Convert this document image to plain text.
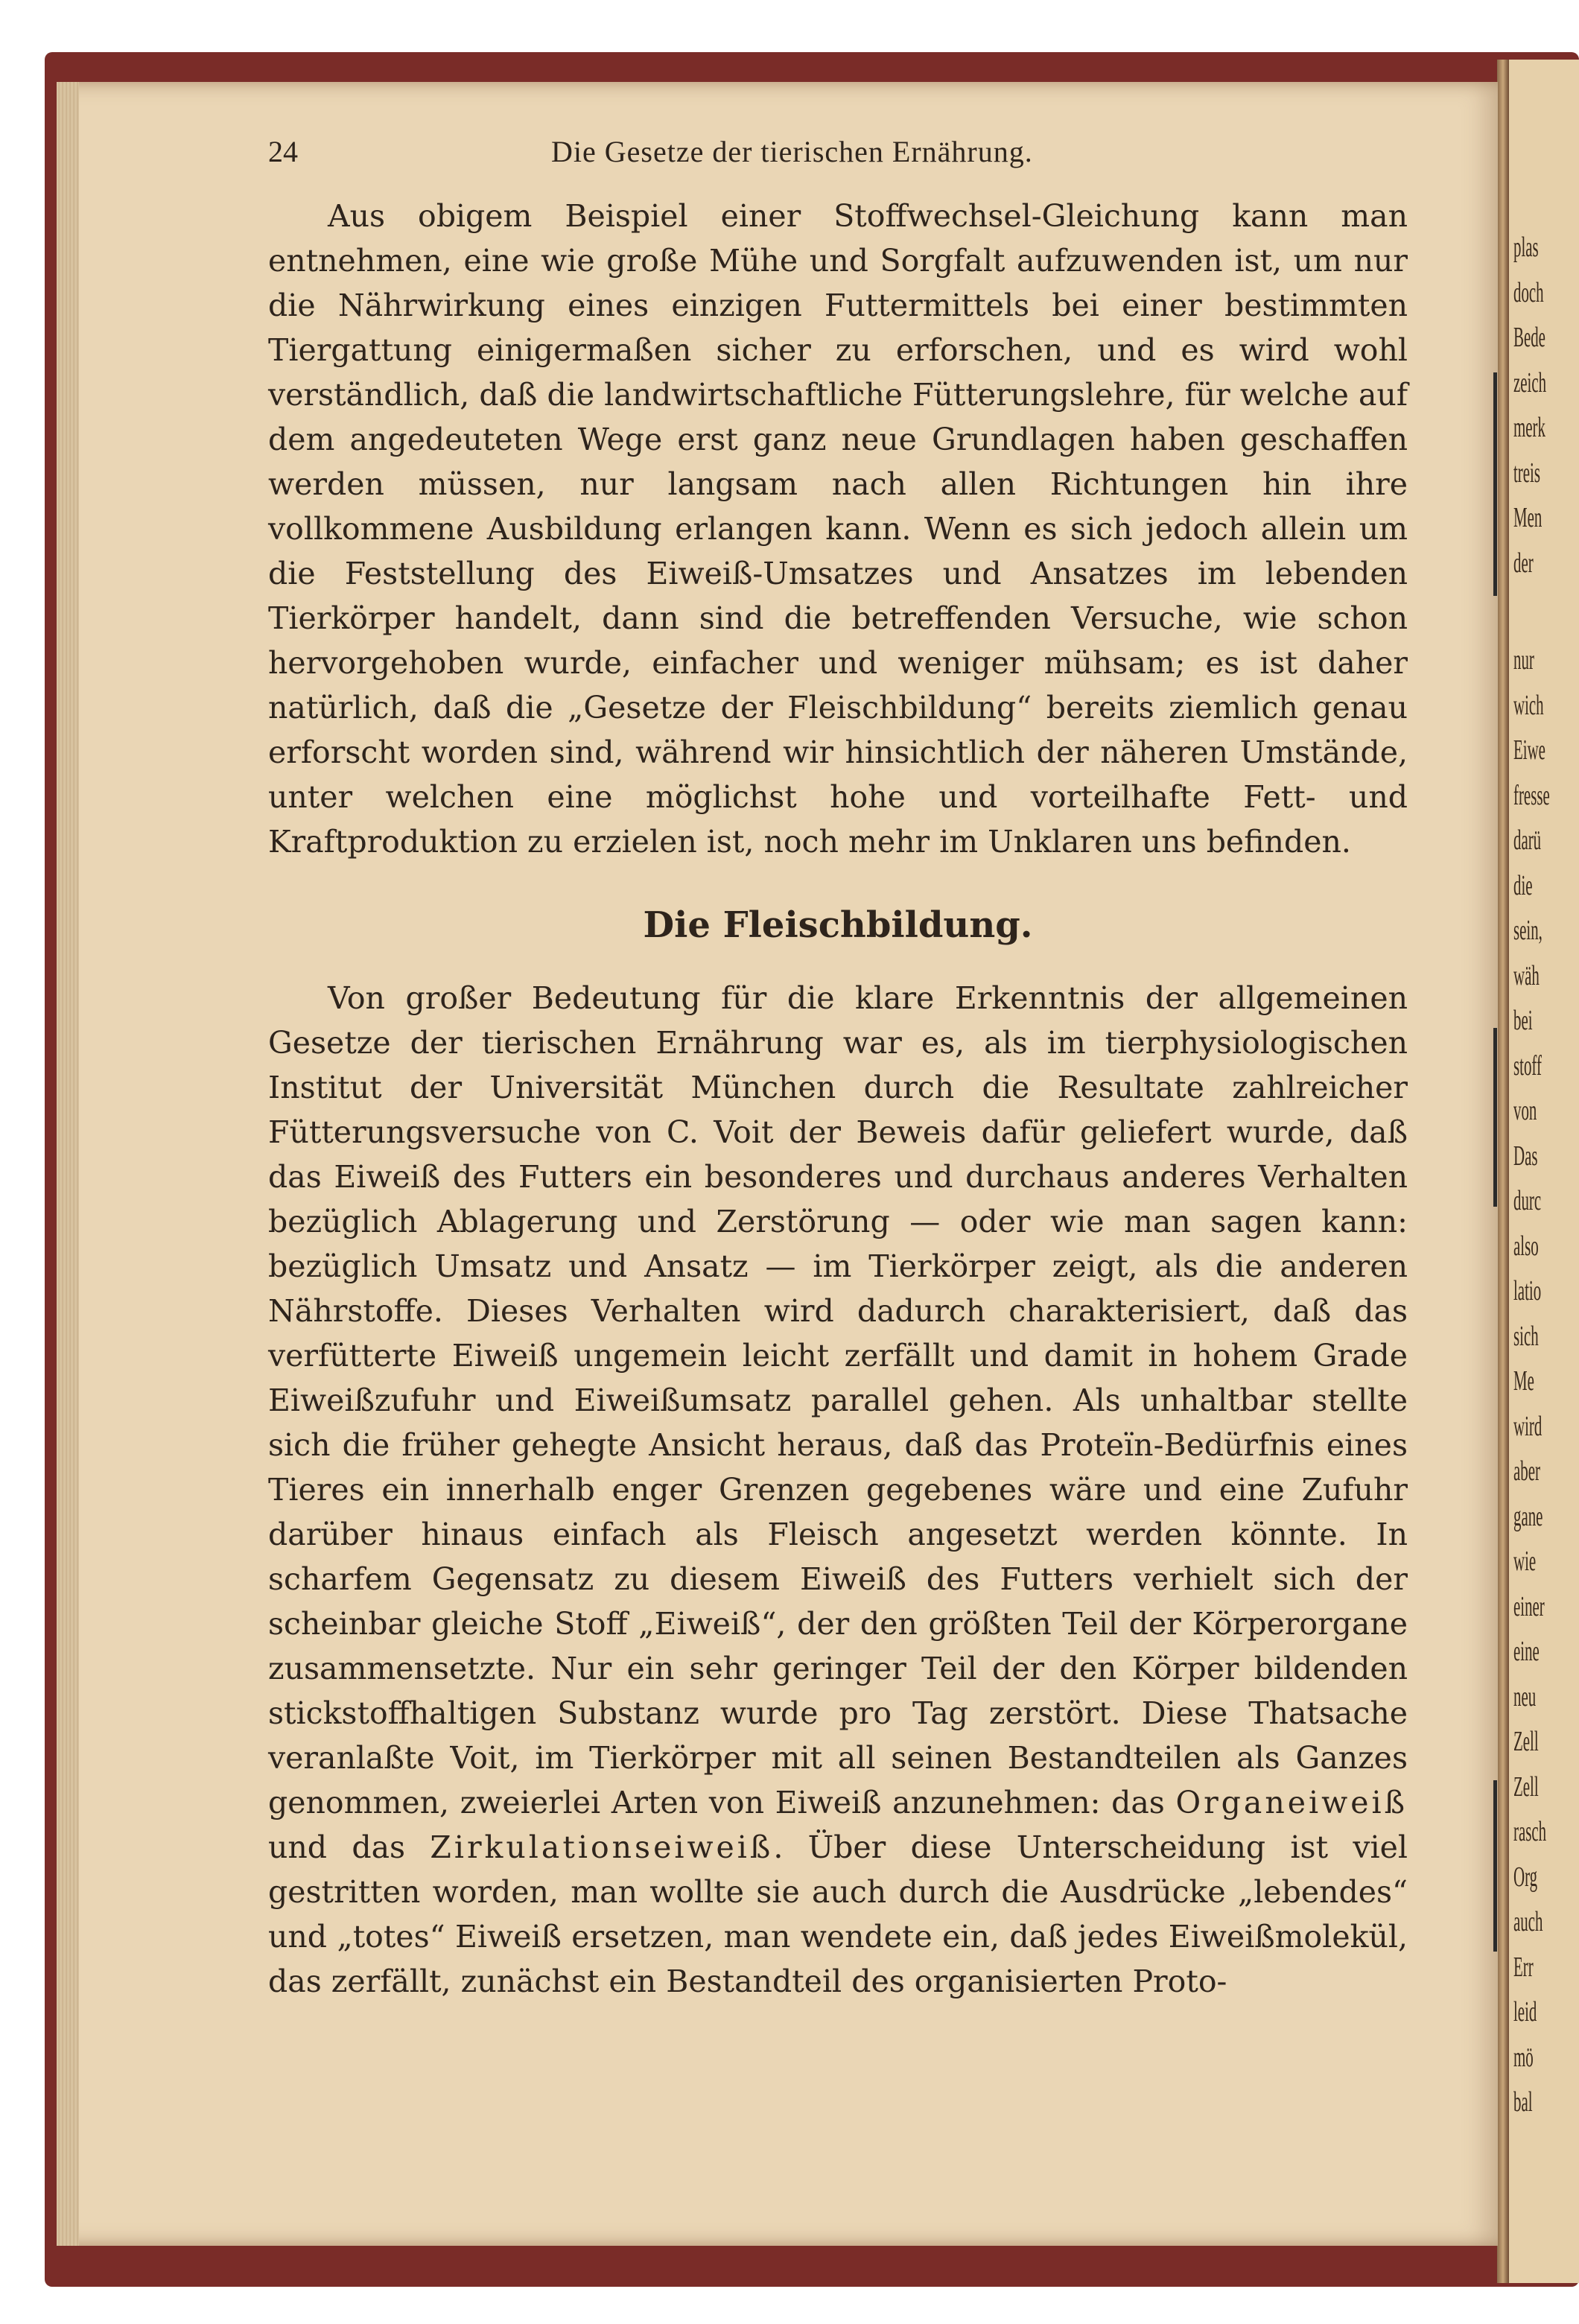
plas
doch
Bede
zeich
merk
treis
Men
der
nur
wich
Eiwe
fresse
darü
die
sein,
wäh
bei
stoff
von
Das
durc
also
latio
sich
Me
wird
aber
gane
wie
einer
eine
neu
Zell
Zell
rasch
Org
auch
Err
leid
mö
bal
24	Die Gesetze der tierischen Ernährung.

Aus obigem Beispiel einer Stoffwechsel-Gleichung kann man entnehmen, eine wie große Mühe und Sorgfalt aufzuwenden ist, um nur die Nährwirkung eines einzigen Futtermittels bei einer bestimmten Tiergattung einigermaßen sicher zu erforschen, und es wird wohl verständlich, daß die landwirtschaftliche Fütterungslehre, für welche auf dem angedeuteten Wege erst ganz neue Grundlagen haben geschaffen werden müssen, nur langsam nach allen Richtungen hin ihre vollkommene Ausbildung erlangen kann. Wenn es sich jedoch allein um die Feststellung des Eiweiß-Umsatzes und Ansatzes im lebenden Tierkörper handelt, dann sind die betreffenden Versuche, wie schon hervorgehoben wurde, einfacher und weniger mühsam; es ist daher natürlich, daß die „Gesetze der Fleischbildung“ bereits ziemlich genau erforscht worden sind, während wir hinsichtlich der näheren Umstände, unter welchen eine möglichst hohe und vorteilhafte Fett- und Kraftproduktion zu erzielen ist, noch mehr im Unklaren uns befinden.

Die Fleischbildung.

Von großer Bedeutung für die klare Erkenntnis der allgemeinen Gesetze der tierischen Ernährung war es, als im tierphysiologischen Institut der Universität München durch die Resultate zahlreicher Fütterungsversuche von C. Voit der Beweis dafür geliefert wurde, daß das Eiweiß des Futters ein besonderes und durchaus anderes Verhalten bezüglich Ablagerung und Zerstörung — oder wie man sagen kann: bezüglich Umsatz und Ansatz — im Tierkörper zeigt, als die anderen Nährstoffe. Dieses Verhalten wird dadurch charakterisiert, daß das verfütterte Eiweiß ungemein leicht zerfällt und damit in hohem Grade Eiweißzufuhr und Eiweißumsatz parallel gehen. Als unhaltbar stellte sich die früher gehegte Ansicht heraus, daß das Proteïn-Bedürfnis eines Tieres ein innerhalb enger Grenzen gegebenes wäre und eine Zufuhr darüber hinaus einfach als Fleisch angesetzt werden könnte. In scharfem Gegensatz zu diesem Eiweiß des Futters verhielt sich der scheinbar gleiche Stoff „Eiweiß“, der den größten Teil der Körperorgane zusammensetzte. Nur ein sehr geringer Teil der den Körper bildenden stickstoffhaltigen Substanz wurde pro Tag zerstört. Diese Thatsache veranlaßte Voit, im Tierkörper mit all seinen Bestandteilen als Ganzes genommen, zweierlei Arten von Eiweiß anzunehmen: das Organeiweiß und das Zirkulationseiweiß. Über diese Unterscheidung ist viel gestritten worden, man wollte sie auch durch die Ausdrücke „lebendes“ und „totes“ Eiweiß ersetzen, man wendete ein, daß jedes Eiweißmolekül, das zerfällt, zunächst ein Bestandteil des organisierten Proto-
